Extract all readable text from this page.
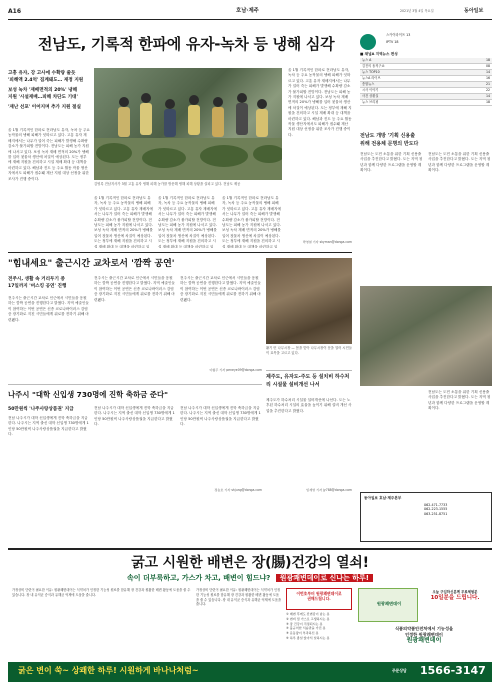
A16	호남·제주	2021년 3월 4일 목요일	동아일보
전남도, 기록적 한파에 유자-녹차 등 냉해 심각
고흥 유자, 강 고사에 수확량 줄듯
'피해액 2.4억' 집계돼도… 재정 지원
보성 녹차 '재배면적의 20%' 냉해
지원 '시설재배…피해 차단도 기대'
'재난 선포' 이어지며 추가 지원 절실
올 1월 기록적인 한파로 전라남도 유자, 녹차 등 주요 농작물의 냉해 피해가 잇따르고 있다. 고흥 유자 재배지에서는 나무가 얼어 죽는 피해가 발생해 수확량 감소가 불가피할 전망이다. 전남도는 피해 농가 지원에 나서고 있다. 보성 녹차 재배 면적의 20%가 냉해를 입어 첫물차 생산에 차질이 예상된다. 도는 정부에 재해 지원을 건의하고 시설 재배 확대 등 대책을 마련하고 있다. 해남과 진도 등 주요 월동 작물 생산지에서도 피해가 접수돼 재난 지원 대상 선정을 위한 조사가 진행 중이다.
김영록 전남지사가 3월 고흥 유자 냉해 피해 농가를 방문해 냉해 피해 상황을 살피고 있다. 전남도 제공
올 1월 기록적인 한파로 전라남도 유자, 녹차 등 주요 농작물의 냉해 피해가 잇따르고 있다. 고흥 유자 재배지에서는 나무가 얼어 죽는 피해가 발생해 수확량 감소가 불가피할 전망이다. 전남도는 피해 농가 지원에 나서고 있다. 보성 녹차 재배 면적의 20%가 냉해를 입어 첫물차 생산에 차질이 예상된다. 도는 정부에 재해 지원을 건의하고 시설 재배 확대 등 대책을 마련하고 있
올 1월 기록적인 한파로 전라남도 유자, 녹차 등 주요 농작물의 냉해 피해가 잇따르고 있다. 고흥 유자 재배지에서는 나무가 얼어 죽는 피해가 발생해 수확량 감소가 불가피할 전망이다. 전남도는 피해 농가 지원에 나서고 있다. 보성 녹차 재배 면적의 20%가 냉해를 입어 첫물차 생산에 차질이 예상된다. 도는 정부에 재해 지원을 건의하고 시설 재배 확대 등 대책을 마련하고 있
올 1월 기록적인 한파로 전라남도 유자, 녹차 등 주요 농작물의 냉해 피해가 잇따르고 있다. 고흥 유자 재배지에서는 나무가 얼어 죽는 피해가 발생해 수확량 감소가 불가피할 전망이다. 전남도는 피해 농가 지원에 나서고 있다. 보성 녹차 재배 면적의 20%가 냉해를 입어 첫물차 생산에 차질이 예상된다. 도는 정부에 재해 지원을 건의하고 시설 재배 확대 등 대책을 마련하고 있
올 1월 기록적인 한파로 전라남도 유자, 녹차 등 주요 농작물의 냉해 피해가 잇따르고 있다. 고흥 유자 재배지에서는 나무가 얼어 죽는 피해가 발생해 수확량 감소가 불가피할 전망이다. 전남도는 피해 농가 지원에 나서고 있다. 보성 녹차 재배 면적의 20%가 냉해를 입어 첫물차 생산에 차질이 예상된다. 도는 정부에 재해 지원을 건의하고 시설 재배 확대 등 대책을 마련하고 있다. 해남과 진도 등 주요 월동 작물 생산지에서도 피해가 접수돼 재난 지원 대상 선정을 위한 조사가 진행 중이다.
박영철 기자 skyman@donga.com
스카이라이프 13
IPTV 18
■ 채널A 지역뉴스 편성
뉴스 A	18
김진의 돌직구쇼	08
뉴스 TOP10	14
뉴스A 라이브	16
종합뉴스	21
시사 이야기	22
사건 상황실	14
뉴스 브리핑	18
전남도 개방 '기획 신용출
위해 전용체 문명의 반도다
전남도는 도민 소통을 위한 기획 신용출 사업을 추진한다고 밝혔다. 도는 지역 청년과 함께 다양한 프로그램을 운영할 계획이다.
전남도는 도민 소통을 위한 기획 신용출 사업을 추진한다고 밝혔다. 도는 지역 청년과 함께 다양한 프로그램을 운영할 계획이다.
전남도는 도민 소통을 위한 기획 신용출 사업을 추진한다고 밝혔다. 도는 지역 청년과 함께 다양한 프로그램을 운영할 계획이다.
동아일보 호남·제주본부
062-471-7733
062-223-1555
063-251-8751
"힘내세요" 출근시간 교차로서 '깜짝 공연'
전주시, 생활 속 거리두기 중
17일까지 '버스킹 공연' 진행
전주시는 출근시간 교차로 인근에서 시민들을 응원하는 깜짝 공연을 진행한다고 밝혔다. 지역 예술인들이 참여하는 이번 공연은 신종 코로나바이러스 감염증 장기화로 지친 시민들에게 위로를 전하기 위해 마련됐다.
전주시는 출근시간 교차로 인근에서 시민들을 응원하는 깜짝 공연을 진행한다고 밝혔다. 지역 예술인들이 참여하는 이번 공연은 신종 코로나바이러스 감염증 장기화로 지친 시민들에게 위로를 전하기 위해 마련됐다.
전주시는 출근시간 교차로 인근에서 시민들을 응원하는 깜짝 공연을 진행한다고 밝혔다. 지역 예술인들이 참여하는 이번 공연은 신종 코로나바이러스 감염증 장기화로 지친 시민들에게 위로를 전하기 위해 마련됐다.
이형주 기자 peneye09@donga.com
나주시 "대학 신입생 730명에 진학 축하금 준다"
50만원씩 '나주사랑상품권' 지급
전남 나주시가 대학 신입생에게 진학 축하금을 지급한다. 나주시는 지역 출신 대학 신입생 730명에게 1인당 50만원씩 나주사랑상품권을 지급한다고 밝혔다.
전남 나주시가 대학 신입생에게 진학 축하금을 지급한다. 나주시는 지역 출신 대학 신입생 730명에게 1인당 50만원씩 나주사랑상품권을 지급한다고 밝혔다.
전남 나주시가 대학 신입생에게 진학 축하금을 지급한다. 나주시는 지역 출신 대학 신입생 730명에게 1인당 50만원씩 나주사랑상품권을 지급한다고 밝혔다.
정승호 기자 shjung@donga.com
활기 띤 나무시장 — 봄을 맞아 나무시장이 문을 열어 시민들이 묘목을 고르고 있다.
제주도, 유자도-주도 등 설치비 하수처리 시설물 설비개선 나서
제주도가 하수처리 시설물 설비개선에 나선다. 도는 노후된 하수처리 시설의 효율을 높이기 위해 설비 개선 사업을 추진한다고 밝혔다.
임재영 기자 jy788@donga.com
굵고 시원한 배변은 장(腸)건강의 열쇠!
속이 더부룩하고, 가스가 차고, 배변이 힘드냐? 원광쾌변데이로 신나는 하루!
가정상비 단련이 필요한 이유: 원광쾌변데이는 식약처가 인정한 기능성 원료를 함유해 장 건강과 원활한 배변 활동에 도움을 줄 수 있습니다. 장 내 유익균 증식과 유해균 억제에 도움을 줍니다.
가정상비 단련이 필요한 이유: 원광쾌변데이는 식약처가 인정한 기능성 원료를 함유해 장 건강과 원활한 배변 활동에 도움을 줄 수 있습니다. 장 내 유익균 증식과 유해균 억제에 도움을 줍니다.
이번호부터 원광쾌변데이로
권해드립니다.
① 배변 후에도 잔변감이 남는 분
② 변비 및 가스로 고생하시는 분
③ 장 건강이 걱정되시는 분
④ 불규칙한 식습관을 가진 분
⑤ 운동량이 부족하신 분
⑥ 하루 종일 앉아서 일하시는 분
원광쾌변데이
오늘 구입하신분께 무료체험분
10일분을 드립니다.
식품의약품안전처에서 기능성을
인정한 원광쾌변데이
원광쾌변데이
굵은 변이 쑥~ 상쾌한 하루! 시원하게 바나나처럼~	주문상담 1566-3147
